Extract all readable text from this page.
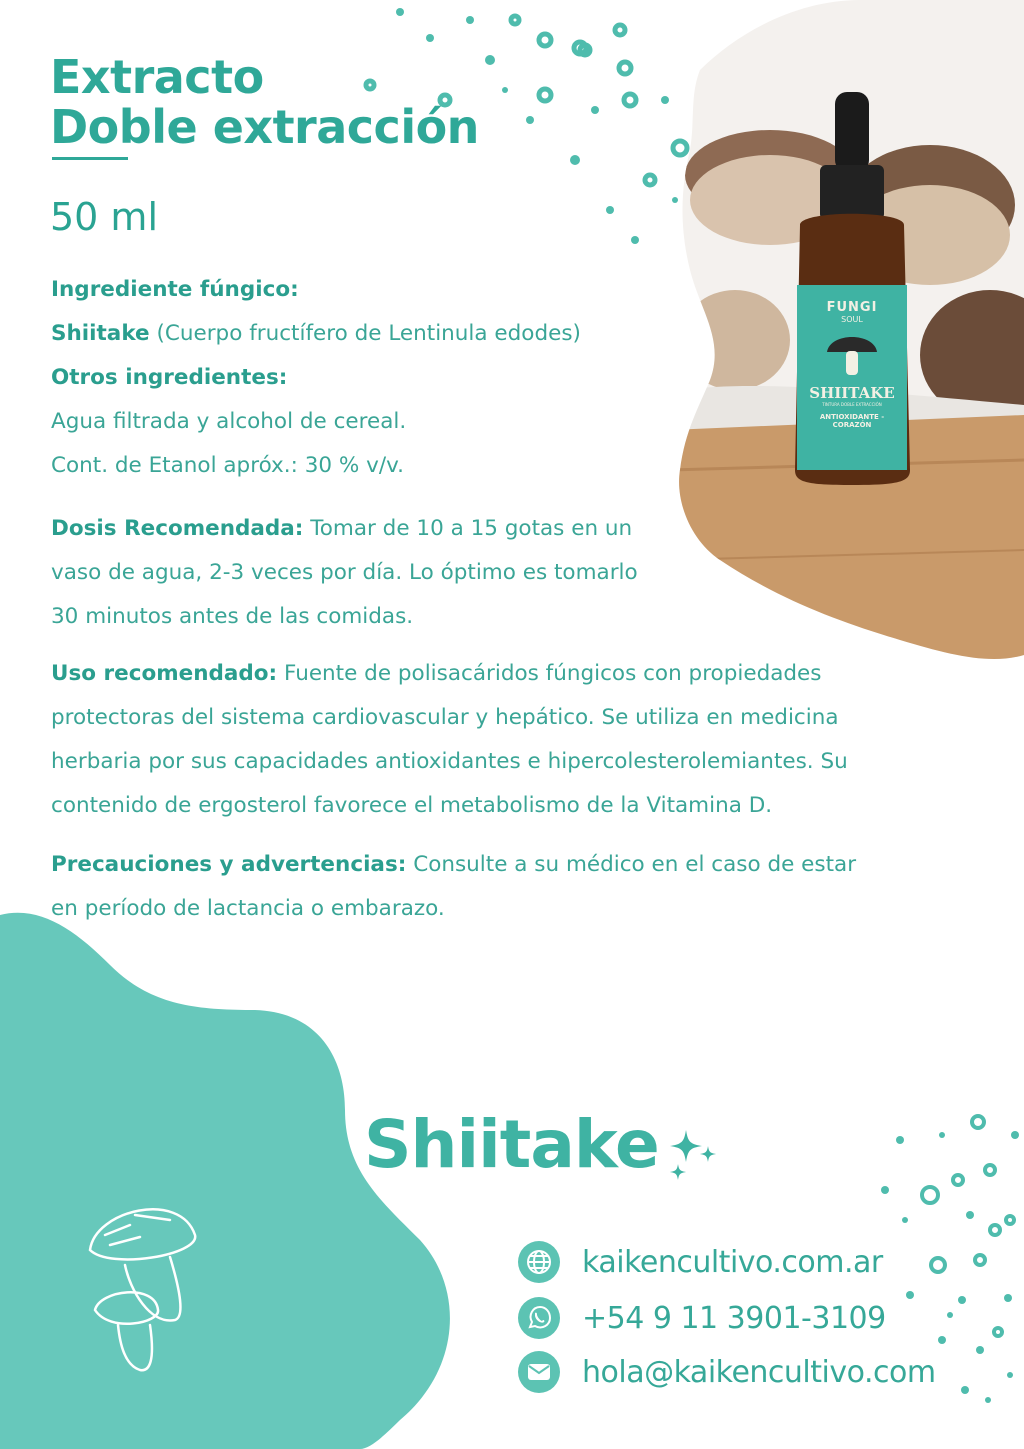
FUNGI
SOUL
SHIITAKE
TINTURA DOBLE EXTRACCIÓN
ANTIOXIDANTE -
CORAZÓN
Extracto
Doble extracción

50 ml

Ingrediente fúngico:

Shiitake (Cuerpo fructífero de Lentinula edodes)

Otros ingredientes:

Agua filtrada y alcohol de cereal.

Cont. de Etanol apróx.: 30 % v/v.

Dosis Recomendada: Tomar de 10 a 15 gotas en un

vaso de agua, 2-3 veces por día. Lo óptimo es tomarlo

30 minutos antes de las comidas.

Uso recomendado: Fuente de polisacáridos fúngicos con propiedades

protectoras del sistema cardiovascular y hepático. Se utiliza en medicina

herbaria por sus capacidades antioxidantes e hipercolesterolemiantes. Su

contenido de ergosterol favorece el metabolismo de la Vitamina D.

Precauciones y advertencias: Consulte a su médico en el caso de estar

en período de lactancia o embarazo.

Shiitake
kaikencultivo.com.ar
+54 9 11 3901-3109
hola@kaikencultivo.com
